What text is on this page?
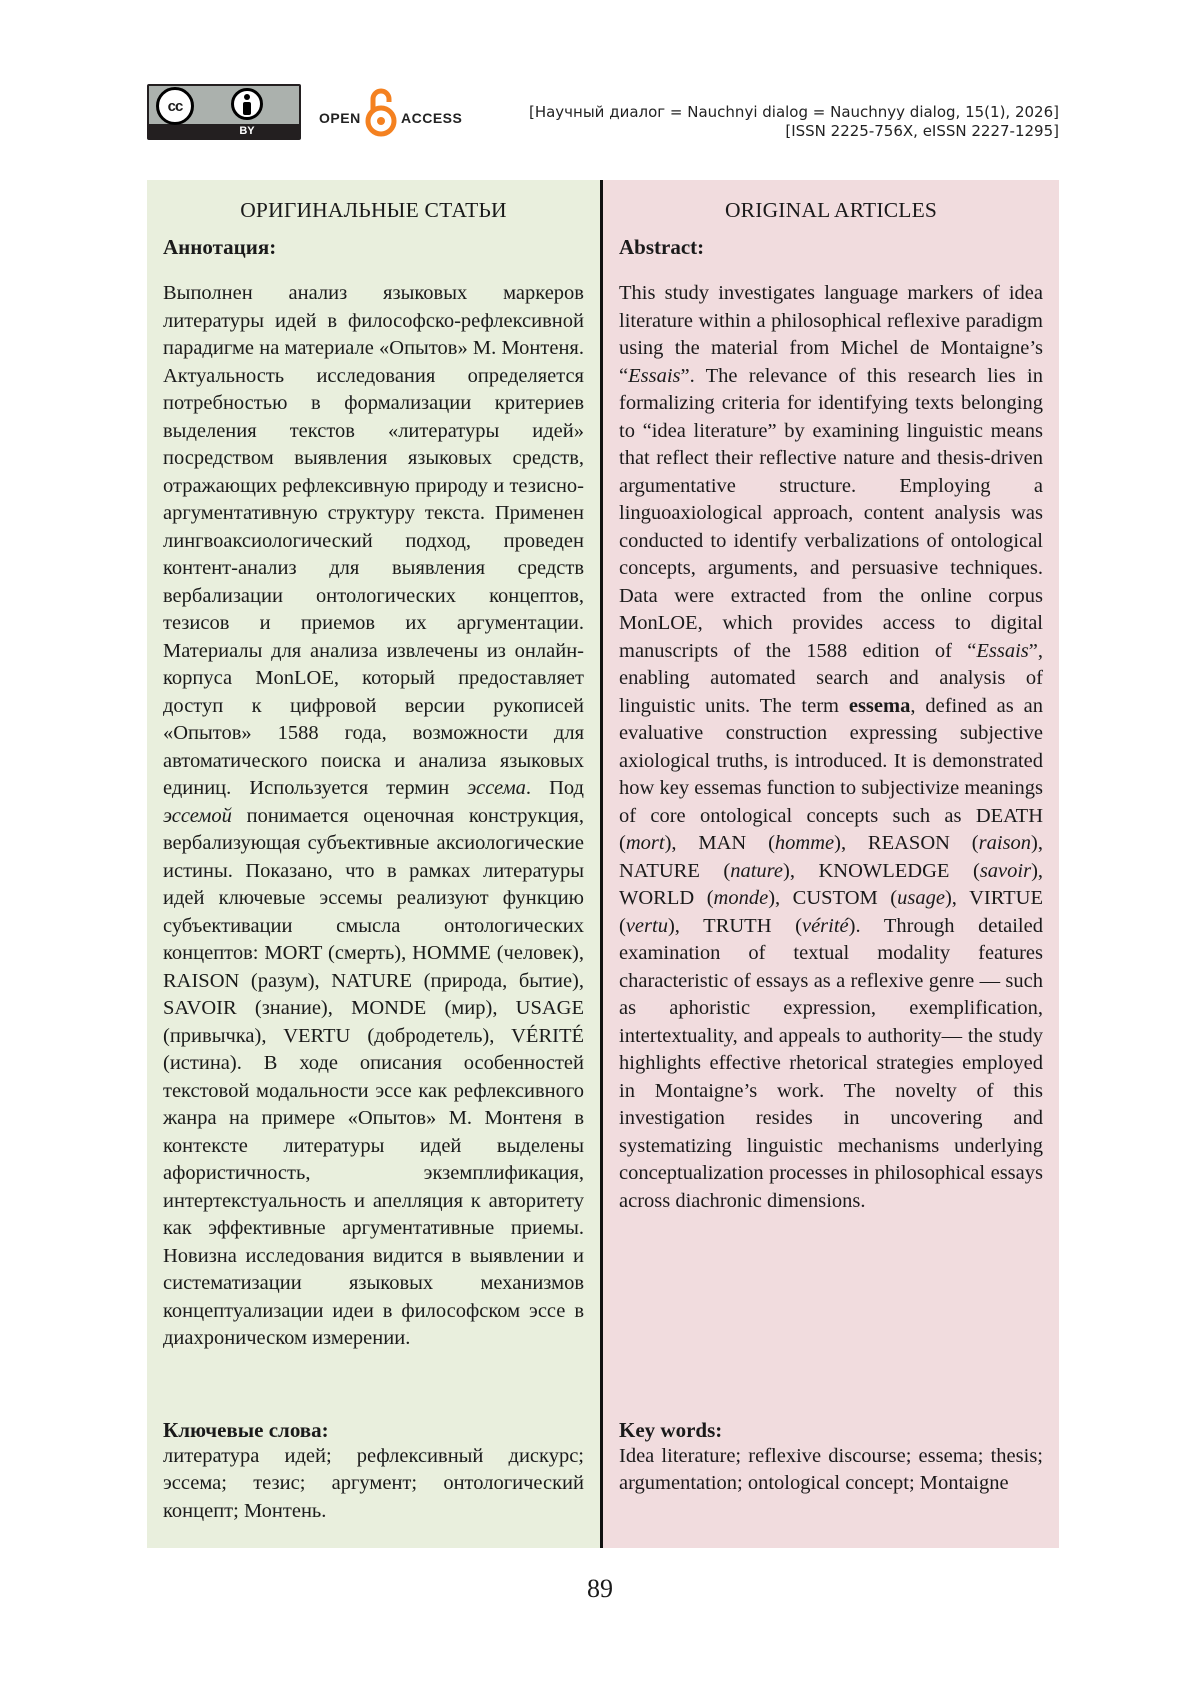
cc
BY
OPEN	ACCESS	[Научный диалог = Nauchnyi dialog = Nauchnyy dialog, 15(1), 2026]
[ISSN 2225-756X, eISSN 2227-1295]
ОРИГИНАЛЬНЫЕ СТАТЬИ

Аннотация:

Выполнен анализ языковых маркеров литературы идей в философско-рефлексивной парадигме на материале «Опытов» М. Монтеня. Актуальность исследования определяется потребностью в формализации критериев выделения текстов «литературы идей» посредством выявления языковых средств, отражающих рефлексивную природу и тезисно-аргументативную структуру текста. Применен лингвоаксиологический подход, проведен контент-анализ для выявления средств вербализации онтологических концептов, тезисов и приемов их аргументации. Материалы для анализа извлечены из онлайн-корпуса MonLOE, который предоставляет доступ к цифровой версии рукописей «Опытов» 1588 года, возможности для автоматического поиска и анализа языковых единиц. Используется термин эссема. Под эссемой понимается оценочная конструкция, вербализующая субъективные аксиологические истины. Показано, что в рамках литературы идей ключевые эссемы реализуют функцию субъективации смысла онтологических концептов: MORT (смерть), HOMME (человек), RAISON (разум), NATURE (природа, бытие), SAVOIR (знание), MONDE (мир), USAGE (привычка), VERTU (добродетель), VÉRITÉ (истина). В ходе описания особенностей текстовой модальности эссе как рефлексивного жанра на примере «Опытов» М. Монтеня в контексте литературы идей выделены афористичность, экземплификация, интертекстуальность и апелляция к авторитету как эффективные аргументативные приемы. Новизна исследования видится в выявлении и систематизации языковых механизмов концептуализации идеи в философском эссе в диахроническом измерении.

Ключевые слова:

литература идей; рефлексивный дискурс; эссема; тезис; аргумент; онтологический концепт; Монтень.

ORIGINAL ARTICLES

Abstract:

This study investigates language markers of idea literature within a philosophical reflexive paradigm using the material from Michel de Montaigne’s “Essais”. The relevance of this research lies in formalizing criteria for identifying texts belonging to “idea literature” by examining linguistic means that reflect their reflective nature and thesis-driven argumentative structure. Employing a linguoaxiological approach, content analysis was conducted to identify verbalizations of ontological concepts, arguments, and persuasive techniques. Data were extracted from the online corpus MonLOE, which provides access to digital manuscripts of the 1588 edition of “Essais”, enabling automated search and analysis of linguistic units. The term essema, defined as an evaluative construction expressing subjective axiological truths, is introduced. It is demonstrated how key essemas function to subjectivize meanings of core ontological concepts such as DEATH (mort), MAN (homme), REASON (raison), NATURE (nature), KNOWLEDGE (savoir), WORLD (monde), CUSTOM (usage), VIRTUE (vertu), TRUTH (vérité). Through detailed examination of textual modality features characteristic of essays as a reflexive genre — such as aphoristic expression, exemplification, intertextuality, and appeals to authority— the study highlights effective rhetorical strategies employed in Montaigne’s work. The novelty of this investigation resides in uncovering and systematizing linguistic mechanisms underlying conceptualization processes in philosophical essays across diachronic dimensions.

Key words:

Idea literature; reflexive discourse; essema; thesis; argumentation; ontological concept; Montaigne

89
